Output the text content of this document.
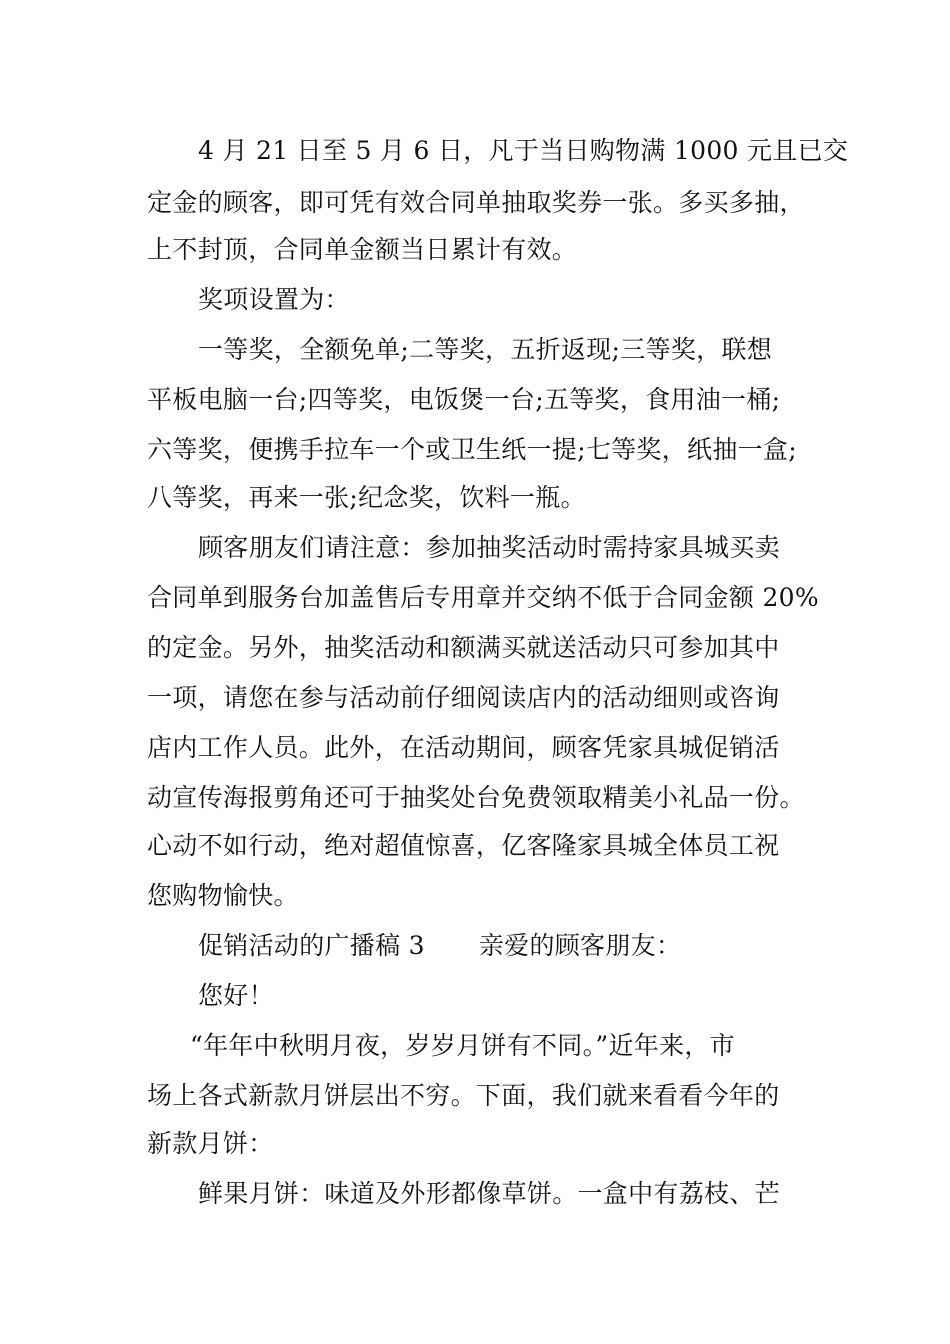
4 月 21 日至 5 月 6 日，凡于当日购物满 1000 元且已交
定金的顾客，即可凭有效合同单抽取奖券一张。多买多抽，
上不封顶，合同单金额当日累计有效。
奖项设置为：
一等奖，全额免单;二等奖，五折返现;三等奖，联想
平板电脑一台;四等奖，电饭煲一台;五等奖，食用油一桶;
六等奖，便携手拉车一个或卫生纸一提;七等奖，纸抽一盒;
八等奖，再来一张;纪念奖，饮料一瓶。
顾客朋友们请注意：参加抽奖活动时需持家具城买卖
合同单到服务台加盖售后专用章并交纳不低于合同金额 20%
的定金。另外，抽奖活动和额满买就送活动只可参加其中
一项，请您在参与活动前仔细阅读店内的活动细则或咨询
店内工作人员。此外，在活动期间，顾客凭家具城促销活
动宣传海报剪角还可于抽奖处台免费领取精美小礼品一份。
心动不如行动，绝对超值惊喜，亿客隆家具城全体员工祝
您购物愉快。
促销活动的广播稿 3 亲爱的顾客朋友：
您好！
“年年中秋明月夜，岁岁月饼有不同。”近年来，市
场上各式新款月饼层出不穷。下面，我们就来看看今年的
新款月饼：
鲜果月饼：味道及外形都像草饼。一盒中有荔枝、芒
